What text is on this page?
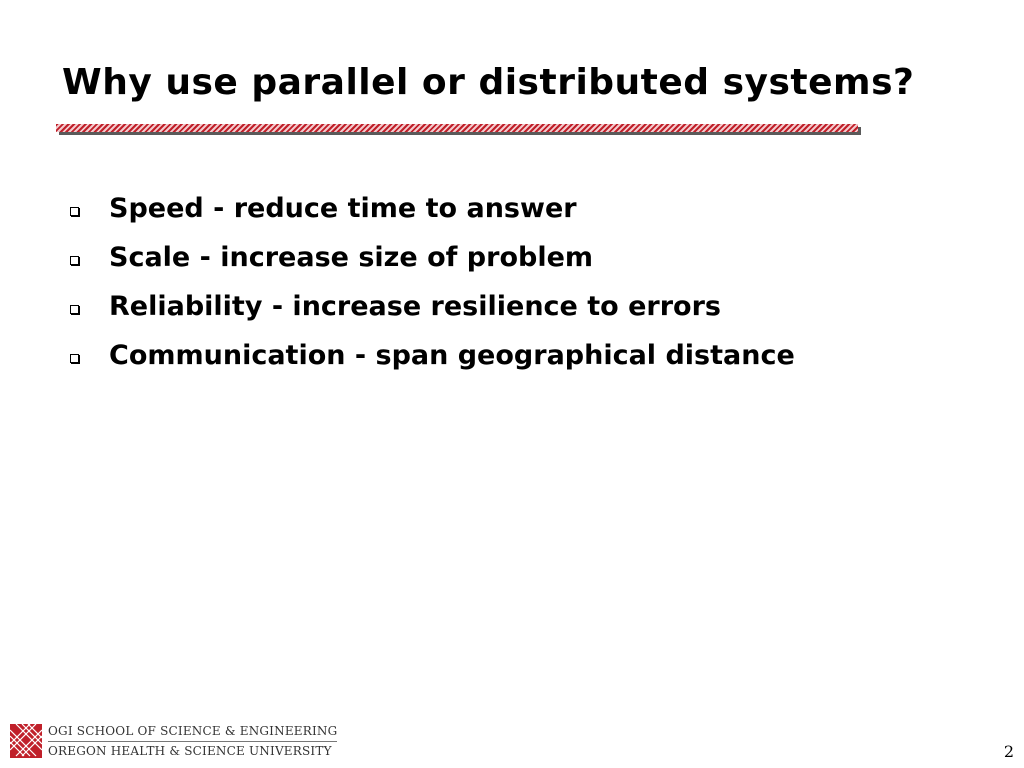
Why use parallel or distributed systems?
Speed - reduce time to answer
Scale - increase size of problem
Reliability - increase resilience to errors
Communication - span geographical distance
OGI SCHOOL OF SCIENCE & ENGINEERING
OREGON HEALTH & SCIENCE UNIVERSITY	2
